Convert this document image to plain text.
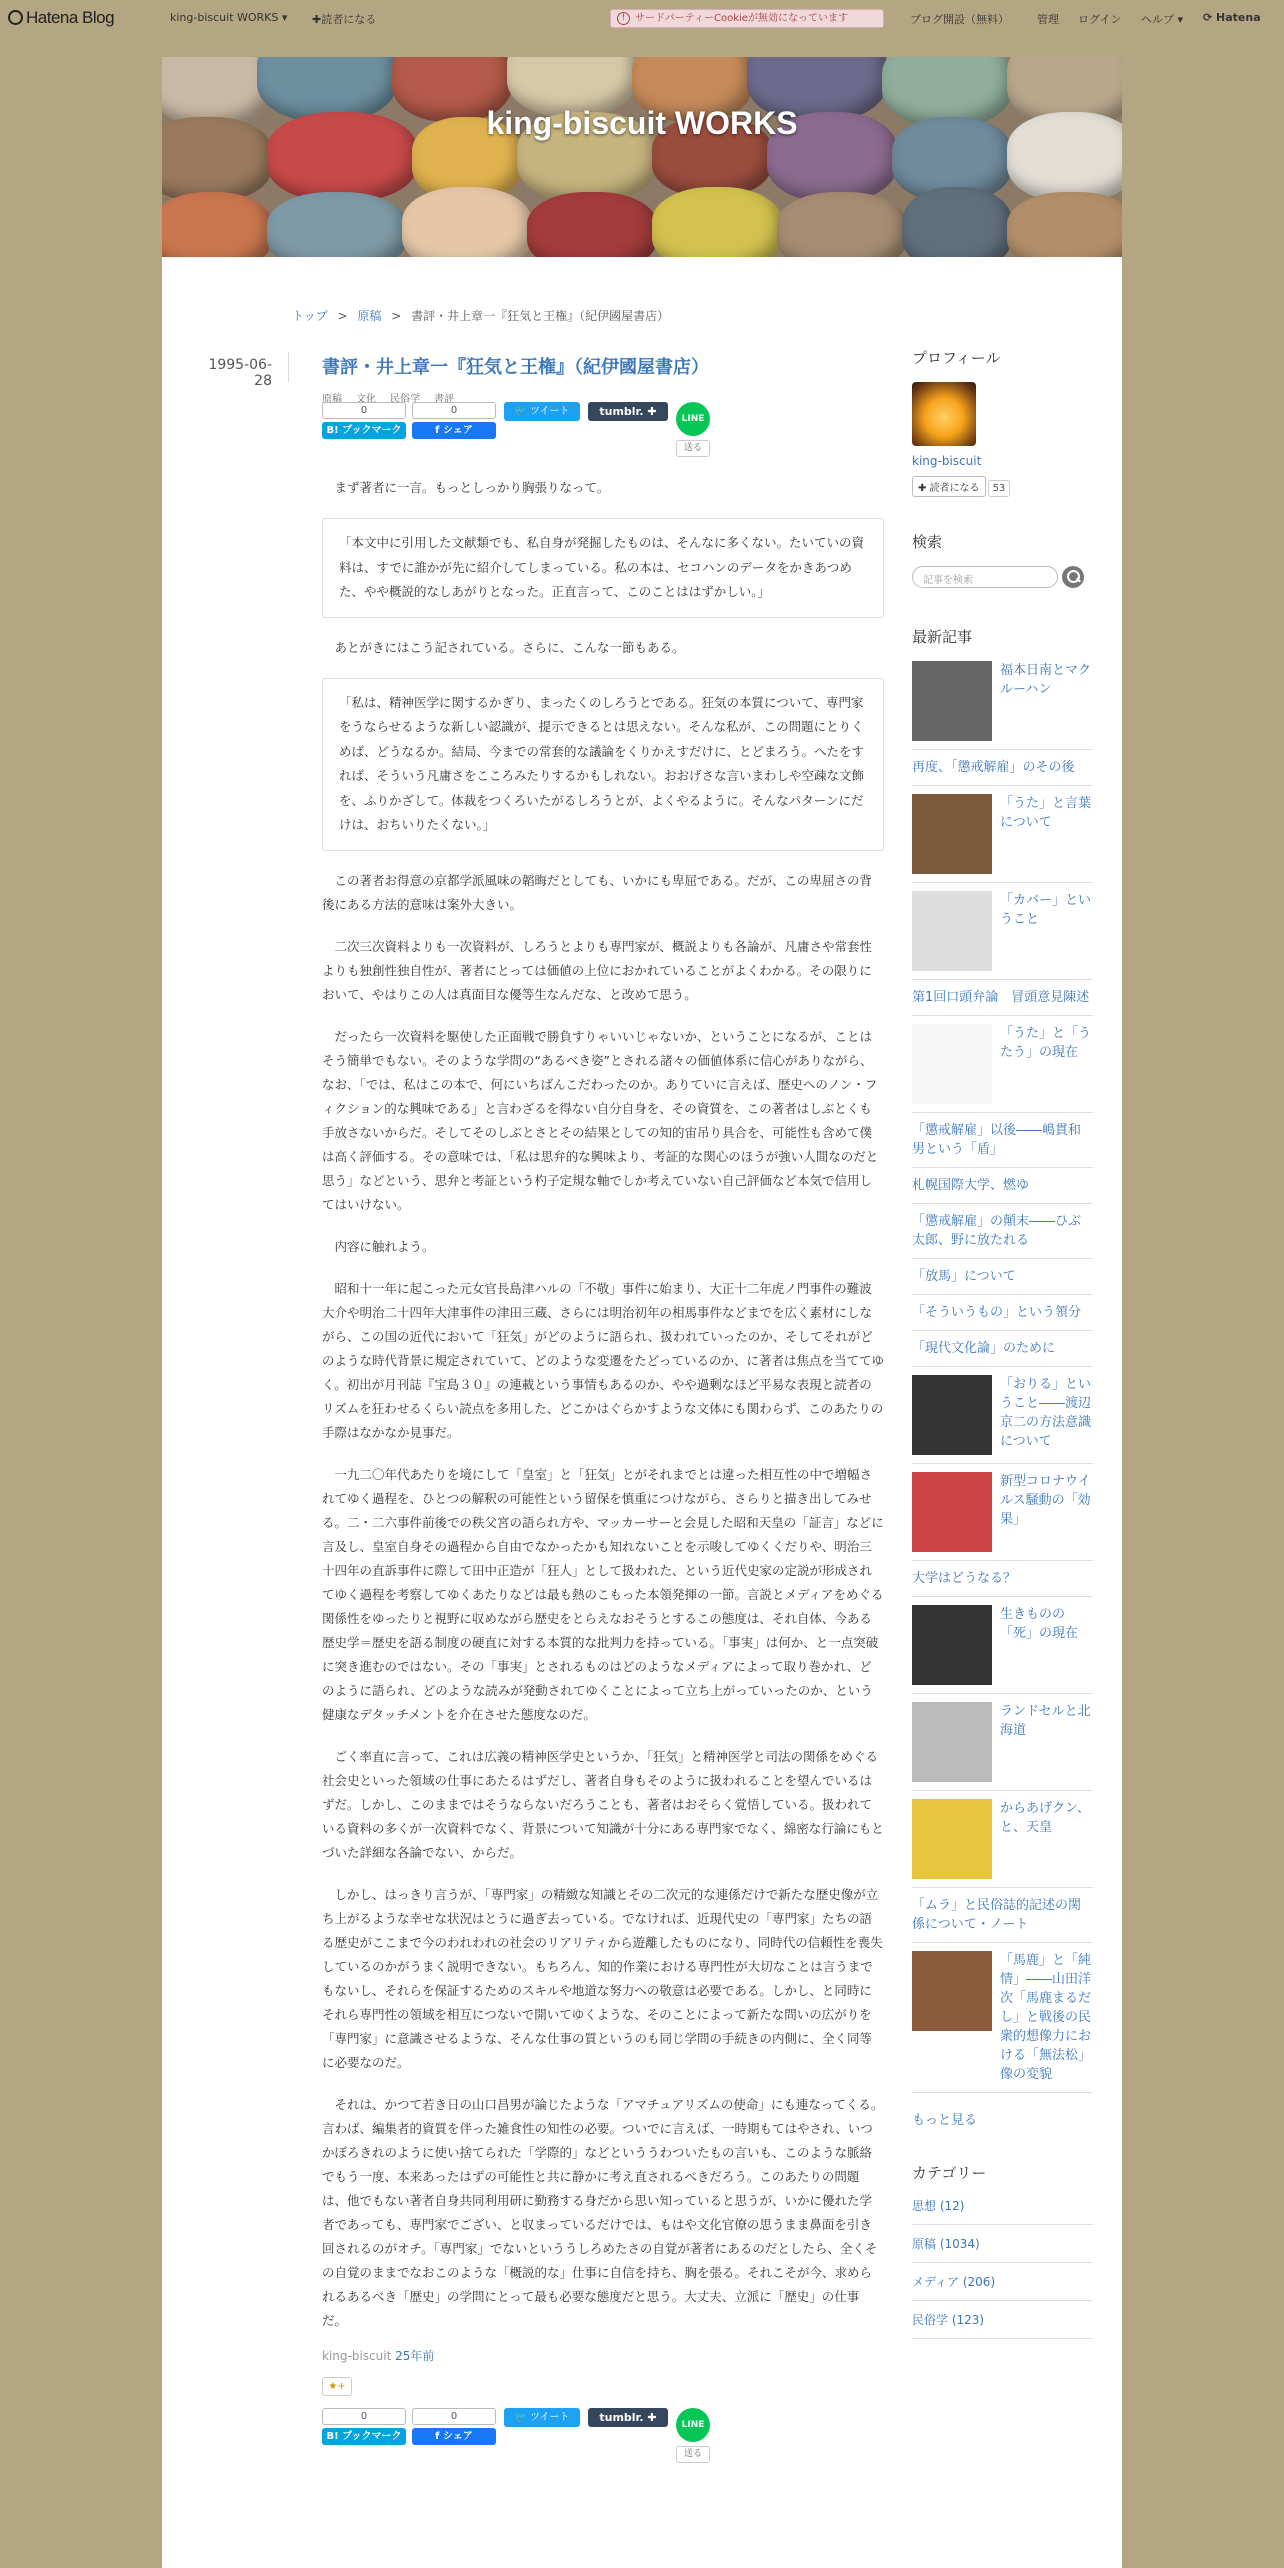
Hatena Blog	king-biscuit WORKS ▾ ✚読者になる	! サードパーティーCookieが無効になっています	ブログ開設（無料）	管理 ログイン ヘルプ ▾ ⟳ Hatena
king-biscuit WORKS
トップ > 原稿 > 書評・井上章一『狂気と王権』（紀伊國屋書店）
1995-06-28
書評・井上章一『狂気と王権』（紀伊國屋書店）
原稿 文化 民俗学 書評
0
B! ブックマーク
0
f シェア
🐦 ツイート	tumblr. ✚
LINE
送る

まず著者に一言。もっとしっかり胸張りなって。

「本文中に引用した文献類でも、私自身が発掘したものは、そんなに多くない。たいていの資料は、すでに誰かが先に紹介してしまっている。私の本は、セコハンのデータをかきあつめた、やや概説的なしあがりとなった。正直言って、このことははずかしい。」

あとがきにはこう記されている。さらに、こんな一節もある。

「私は、精神医学に関するかぎり、まったくのしろうとである。狂気の本質について、専門家をうならせるような新しい認識が、提示できるとは思えない。そんな私が、この問題にとりくめば、どうなるか。結局、今までの常套的な議論をくりかえすだけに、とどまろう。へたをすれば、そういう凡庸さをこころみたりするかもしれない。おおげさな言いまわしや空疎な文飾を、ふりかざして。体裁をつくろいたがるしろうとが、よくやるように。そんなパターンにだけは、おちいりたくない。」

この著者お得意の京都学派風味の韜晦だとしても、いかにも卑屈である。だが、この卑屈さの背後にある方法的意味は案外大きい。

二次三次資料よりも一次資料が、しろうとよりも専門家が、概説よりも各論が、凡庸さや常套性よりも独創性独自性が、著者にとっては価値の上位におかれていることがよくわかる。その限りにおいて、やはりこの人は真面目な優等生なんだな、と改めて思う。

だったら一次資料を駆使した正面戦で勝負すりゃいいじゃないか、ということになるが、ことはそう簡単でもない。そのような学問の“あるべき姿”とされる諸々の価値体系に信心がありながら、なお、「では、私はこの本で、何にいちばんこだわったのか。ありていに言えば、歴史へのノン・フィクション的な興味である」と言わざるを得ない自分自身を、その資質を、この著者はしぶとくも手放さないからだ。そしてそのしぶとさとその結果としての知的宙吊り具合を、可能性も含めて僕は高く評価する。その意味では、「私は思弁的な興味より、考証的な関心のほうが強い人間なのだと思う」などという、思弁と考証という杓子定規な軸でしか考えていない自己評価など本気で信用してはいけない。

内容に触れよう。

昭和十一年に起こった元女官長島津ハルの「不敬」事件に始まり、大正十二年虎ノ門事件の難波大介や明治二十四年大津事件の津田三蔵、さらには明治初年の相馬事件などまでを広く素材にしながら、この国の近代において「狂気」がどのように語られ、扱われていったのか、そしてそれがどのような時代背景に規定されていて、どのような変遷をたどっているのか、に著者は焦点を当ててゆく。初出が月刊誌『宝島３０』の連載という事情もあるのか、やや過剰なほど平易な表現と読者のリズムを狂わせるくらい読点を多用した、どこかはぐらかすような文体にも関わらず、このあたりの手際はなかなか見事だ。

一九二〇年代あたりを境にして「皇室」と「狂気」とがそれまでとは違った相互性の中で増幅されてゆく過程を、ひとつの解釈の可能性という留保を慎重につけながら、さらりと描き出してみせる。二・二六事件前後での秩父宮の語られ方や、マッカーサーと会見した昭和天皇の「証言」などに言及し、皇室自身その過程から自由でなかったかも知れないことを示唆してゆくくだりや、明治三十四年の直訴事件に際して田中正造が「狂人」として扱われた、という近代史家の定説が形成されてゆく過程を考察してゆくあたりなどは最も熱のこもった本領発揮の一節。言説とメディアをめぐる関係性をゆったりと視野に収めながら歴史をとらえなおそうとするこの態度は、それ自体、今ある歴史学＝歴史を語る制度の硬直に対する本質的な批判力を持っている。「事実」は何か、と一点突破に突き進むのではない。その「事実」とされるものはどのようなメディアによって取り巻かれ、どのように語られ、どのような読みが発動されてゆくことによって立ち上がっていったのか、という健康なデタッチメントを介在させた態度なのだ。

ごく率直に言って、これは広義の精神医学史というか、「狂気」と精神医学と司法の関係をめぐる社会史といった領域の仕事にあたるはずだし、著者自身もそのように扱われることを望んでいるはずだ。しかし、このままではそうならないだろうことも、著者はおそらく覚悟している。扱われている資料の多くが一次資料でなく、背景について知識が十分にある専門家でなく、綿密な行論にもとづいた詳細な各論でない、からだ。

しかし、はっきり言うが、「専門家」の精緻な知識とその二次元的な連係だけで新たな歴史像が立ち上がるような幸せな状況はとうに過ぎ去っている。でなければ、近現代史の「専門家」たちの語る歴史がここまで今のわれわれの社会のリアリティから遊離したものになり、同時代の信頼性を喪失しているのかがうまく説明できない。もちろん、知的作業における専門性が大切なことは言うまでもないし、それらを保証するためのスキルや地道な努力への敬意は必要である。しかし、と同時にそれら専門性の領域を相互につないで開いてゆくような、そのことによって新たな問いの広がりを「専門家」に意識させるような、そんな仕事の質というのも同じ学問の手続きの内側に、全く同等に必要なのだ。

それは、かつて若き日の山口昌男が論じたような「アマチュアリズムの使命」にも連なってくる。言わば、編集者的資質を伴った雑食性の知性の必要。ついでに言えば、一時期もてはやされ、いつかぼろきれのように使い捨てられた「学際的」などといううわついたもの言いも、このような脈絡でもう一度、本来あったはずの可能性と共に静かに考え直されるべきだろう。このあたりの問題は、他でもない著者自身共同利用研に勤務する身だから思い知っていると思うが、いかに優れた学者であっても、専門家でござい、と収まっているだけでは、もはや文化官僚の思うまま鼻面を引き回されるのがオチ。「専門家」でないといううしろめたさの自覚が著者にあるのだとしたら、全くその自覚のままでなおこのような「概説的な」仕事に自信を持ち、胸を張る。それこそが今、求められるあるべき「歴史」の学問にとって最も必要な態度だと思う。大丈夫、立派に「歴史」の仕事だ。

king-biscuit 25年前
★+
0
B! ブックマーク
0
f シェア
🐦 ツイート	tumblr. ✚
LINE
送る
プロフィール
king-biscuit
✚ 読者になる 53
検索
記事を検索
最新記事
福本日南とマクルーハン
再度、「懲戒解雇」のその後
「うた」と言葉について
「カバー」ということ
第1回口頭弁論　冒頭意見陳述
「うた」と「うたう」の現在
「懲戒解雇」以後――嶋貫和男という「盾」
札幌国際大学、燃ゆ
「懲戒解雇」の顛末――ひぶ太郎、野に放たれる
「放馬」について
「そういうもの」という領分
「現代文化論」のために
「おりる」ということ――渡辺京二の方法意識について
新型コロナウイルス騒動の「効果」
大学はどうなる？
生きものの「死」の現在
ランドセルと北海道
からあげクン、と、天皇
「ムラ」と民俗誌的記述の関係について・ノート
「馬鹿」と「純情」――山田洋次「馬鹿まるだし」と戦後の民衆的想像力における「無法松」像の変貌
もっと見る
カテゴリー
思想 (12)
原稿 (1034)
メディア (206)
民俗学 (123)
